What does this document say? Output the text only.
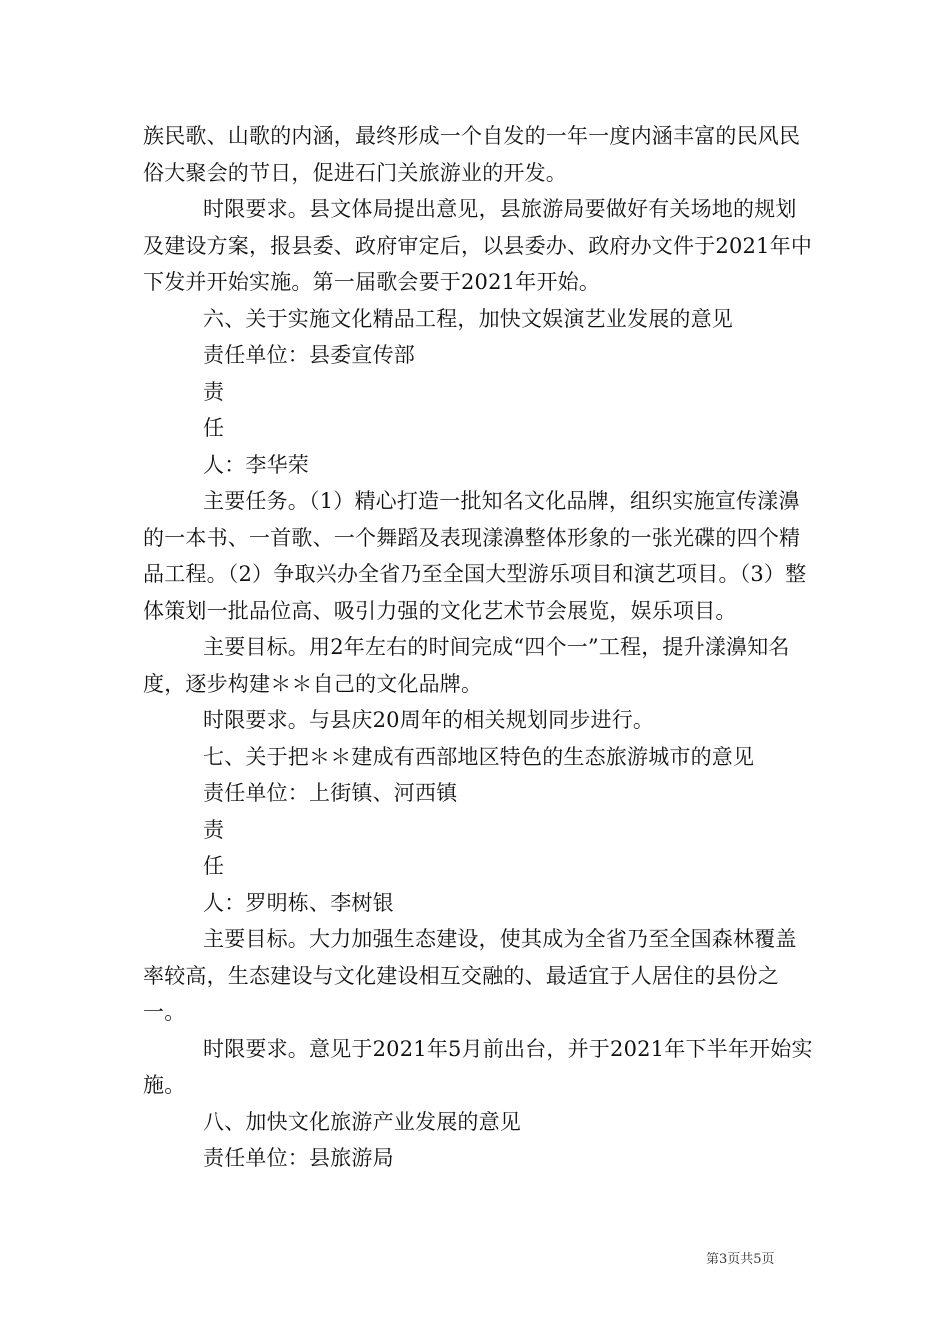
族民歌、山歌的内涵，最终形成一个自发的一年一度内涵丰富的民风民俗大聚会的节日，促进石门关旅游业的开发。

时限要求。县文体局提出意见，县旅游局要做好有关场地的规划及建设方案，报县委、政府审定后，以县委办、政府办文件于2021年中下发并开始实施。第一届歌会要于2021年开始。

六、关于实施文化精品工程，加快文娱演艺业发展的意见

责任单位：县委宣传部

责

任

人：李华荣

主要任务。（1）精心打造一批知名文化品牌，组织实施宣传漾濞的一本书、一首歌、一个舞蹈及表现漾濞整体形象的一张光碟的四个精品工程。（2）争取兴办全省乃至全国大型游乐项目和演艺项目。（3）整体策划一批品位高、吸引力强的文化艺术节会展览，娱乐项目。

主要目标。用2年左右的时间完成“四个一”工程，提升漾濞知名度，逐步构建＊＊自己的文化品牌。

时限要求。与县庆20周年的相关规划同步进行。

七、关于把＊＊建成有西部地区特色的生态旅游城市的意见

责任单位：上街镇、河西镇

责

任

人：罗明栋、李树银

主要目标。大力加强生态建设，使其成为全省乃至全国森林覆盖率较高，生态建设与文化建设相互交融的、最适宜于人居住的县份之一。

时限要求。意见于2021年5月前出台，并于2021年下半年开始实施。

八、加快文化旅游产业发展的意见

责任单位：县旅游局

第3页共5页
